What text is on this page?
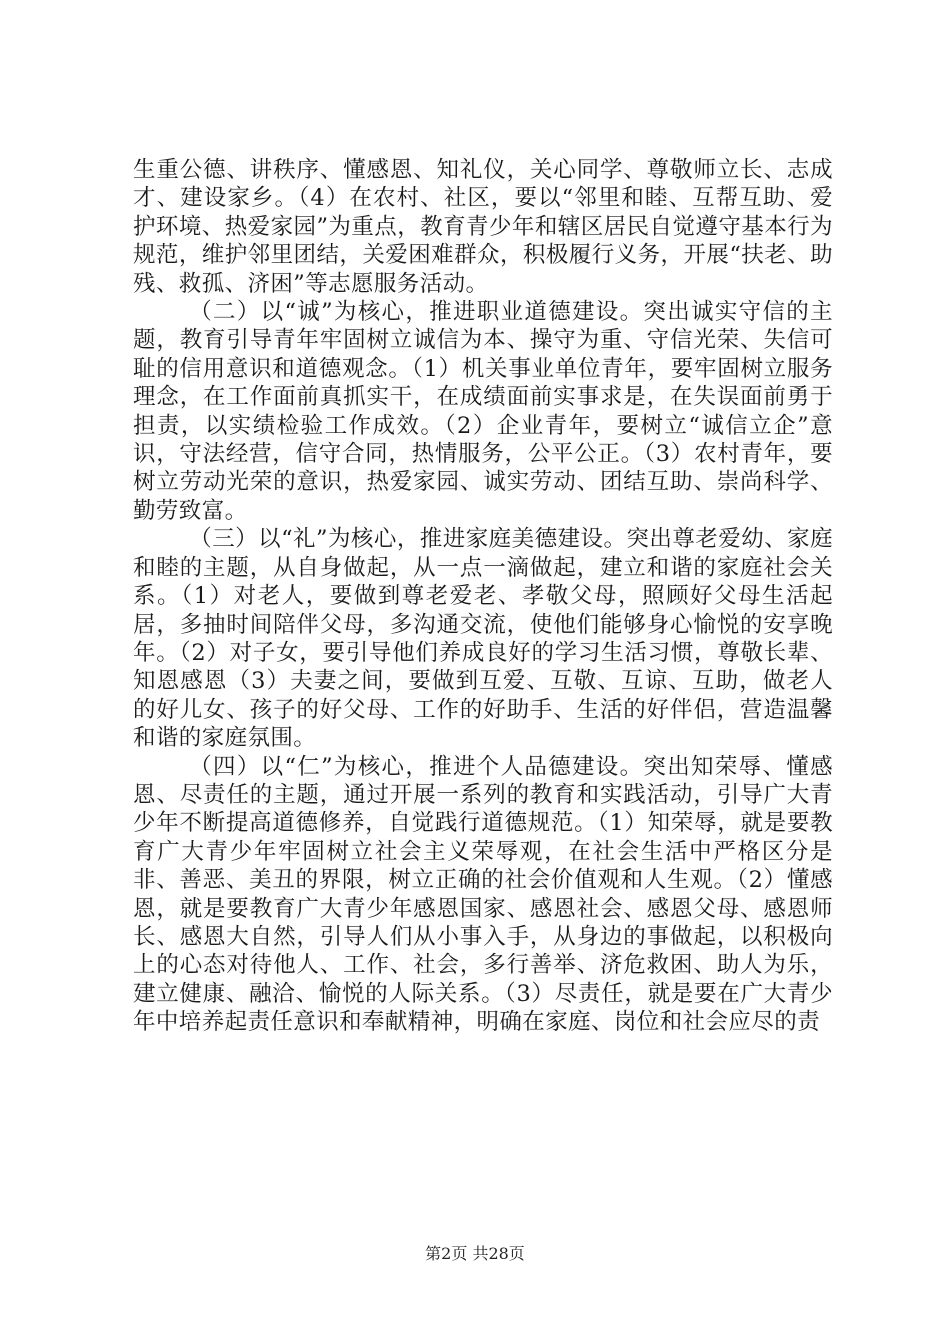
生重公德、讲秩序、懂感恩、知礼仪，关心同学、尊敬师立长、志成才、建设家乡。（4）在农村、社区，要以“邻里和睦、互帮互助、爱护环境、热爱家园”为重点，教育青少年和辖区居民自觉遵守基本行为规范，维护邻里团结，关爱困难群众，积极履行义务，开展“扶老、助残、救孤、济困”等志愿服务活动。

（二）以“诚”为核心，推进职业道德建设。突出诚实守信的主题，教育引导青年牢固树立诚信为本、操守为重、守信光荣、失信可耻的信用意识和道德观念。（1）机关事业单位青年，要牢固树立服务理念，在工作面前真抓实干，在成绩面前实事求是，在失误面前勇于担责，以实绩检验工作成效。（2）企业青年，要树立“诚信立企”意识，守法经营，信守合同，热情服务，公平公正。（3）农村青年，要树立劳动光荣的意识，热爱家园、诚实劳动、团结互助、崇尚科学、勤劳致富。

（三）以“礼”为核心，推进家庭美德建设。突出尊老爱幼、家庭和睦的主题，从自身做起，从一点一滴做起，建立和谐的家庭社会关系。（1）对老人，要做到尊老爱老、孝敬父母，照顾好父母生活起居，多抽时间陪伴父母，多沟通交流，使他们能够身心愉悦的安享晚年。（2）对子女，要引导他们养成良好的学习生活习惯，尊敬长辈、知恩感恩（3）夫妻之间，要做到互爱、互敬、互谅、互助，做老人的好儿女、孩子的好父母、工作的好助手、生活的好伴侣，营造温馨和谐的家庭氛围。

（四）以“仁”为核心，推进个人品德建设。突出知荣辱、懂感恩、尽责任的主题，通过开展一系列的教育和实践活动，引导广大青少年不断提高道德修养，自觉践行道德规范。（1）知荣辱，就是要教育广大青少年牢固树立社会主义荣辱观，在社会生活中严格区分是非、善恶、美丑的界限，树立正确的社会价值观和人生观。（2）懂感恩，就是要教育广大青少年感恩国家、感恩社会、感恩父母、感恩师长、感恩大自然，引导人们从小事入手，从身边的事做起，以积极向上的心态对待他人、工作、社会，多行善举、济危救困、助人为乐，建立健康、融洽、愉悦的人际关系。（3）尽责任，就是要在广大青少年中培养起责任意识和奉献精神，明确在家庭、岗位和社会应尽的责

第2页 共28页
